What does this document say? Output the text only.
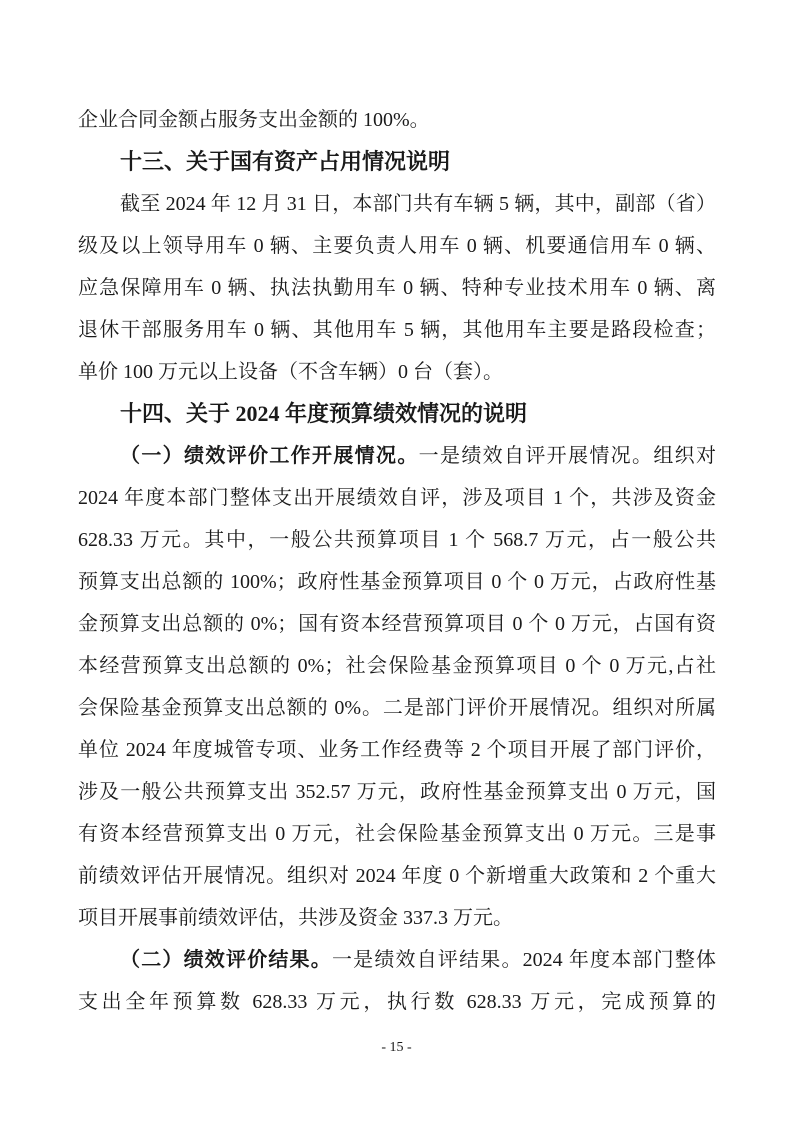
企业合同金额占服务支出金额的 100%。
十三、关于国有资产占用情况说明
截至 2024 年 12 月 31 日，本部门共有车辆 5 辆，其中，副部（省）
级及以上领导用车 0 辆、主要负责人用车 0 辆、机要通信用车 0 辆、
应急保障用车 0 辆、执法执勤用车 0 辆、特种专业技术用车 0 辆、离
退休干部服务用车 0 辆、其他用车 5 辆，其他用车主要是路段检查；
单价 100 万元以上设备（不含车辆）0 台（套）。
十四、关于 2024 年度预算绩效情况的说明
（一）绩效评价工作开展情况。一是绩效自评开展情况。组织对
2024 年度本部门整体支出开展绩效自评，涉及项目 1 个，共涉及资金
628.33 万元。其中，一般公共预算项目 1 个 568.7 万元，占一般公共
预算支出总额的 100%；政府性基金预算项目 0 个 0 万元，占政府性基
金预算支出总额的 0%；国有资本经营预算项目 0 个 0 万元，占国有资
本经营预算支出总额的 0%；社会保险基金预算项目 0 个 0 万元,占社
会保险基金预算支出总额的 0%。二是部门评价开展情况。组织对所属
单位 2024 年度城管专项、业务工作经费等 2 个项目开展了部门评价，
涉及一般公共预算支出 352.57 万元，政府性基金预算支出 0 万元，国
有资本经营预算支出 0 万元，社会保险基金预算支出 0 万元。三是事
前绩效评估开展情况。组织对 2024 年度 0 个新增重大政策和 2 个重大
项目开展事前绩效评估，共涉及资金 337.3 万元。
（二）绩效评价结果。一是绩效自评结果。2024 年度本部门整体
支出全年预算数 628.33 万元，执行数 628.33 万元，完成预算的
- 15 -
